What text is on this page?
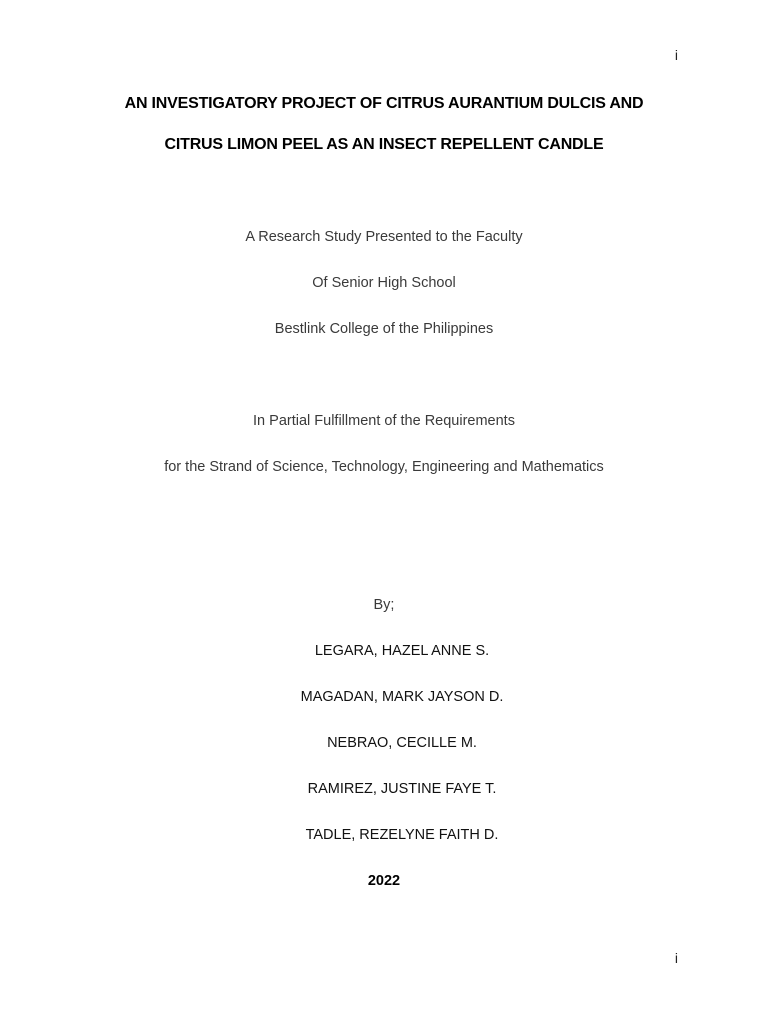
i
AN INVESTIGATORY PROJECT OF CITRUS AURANTIUM DULCIS AND
CITRUS LIMON PEEL AS AN INSECT REPELLENT CANDLE
A Research Study Presented to the Faculty
Of Senior High School
Bestlink College of the Philippines
In Partial Fulfillment of the Requirements
for the Strand of Science, Technology, Engineering and Mathematics
By;
LEGARA, HAZEL ANNE S.
MAGADAN, MARK JAYSON D.
NEBRAO, CECILLE M.
RAMIREZ, JUSTINE FAYE T.
TADLE, REZELYNE FAITH D.
2022
i
